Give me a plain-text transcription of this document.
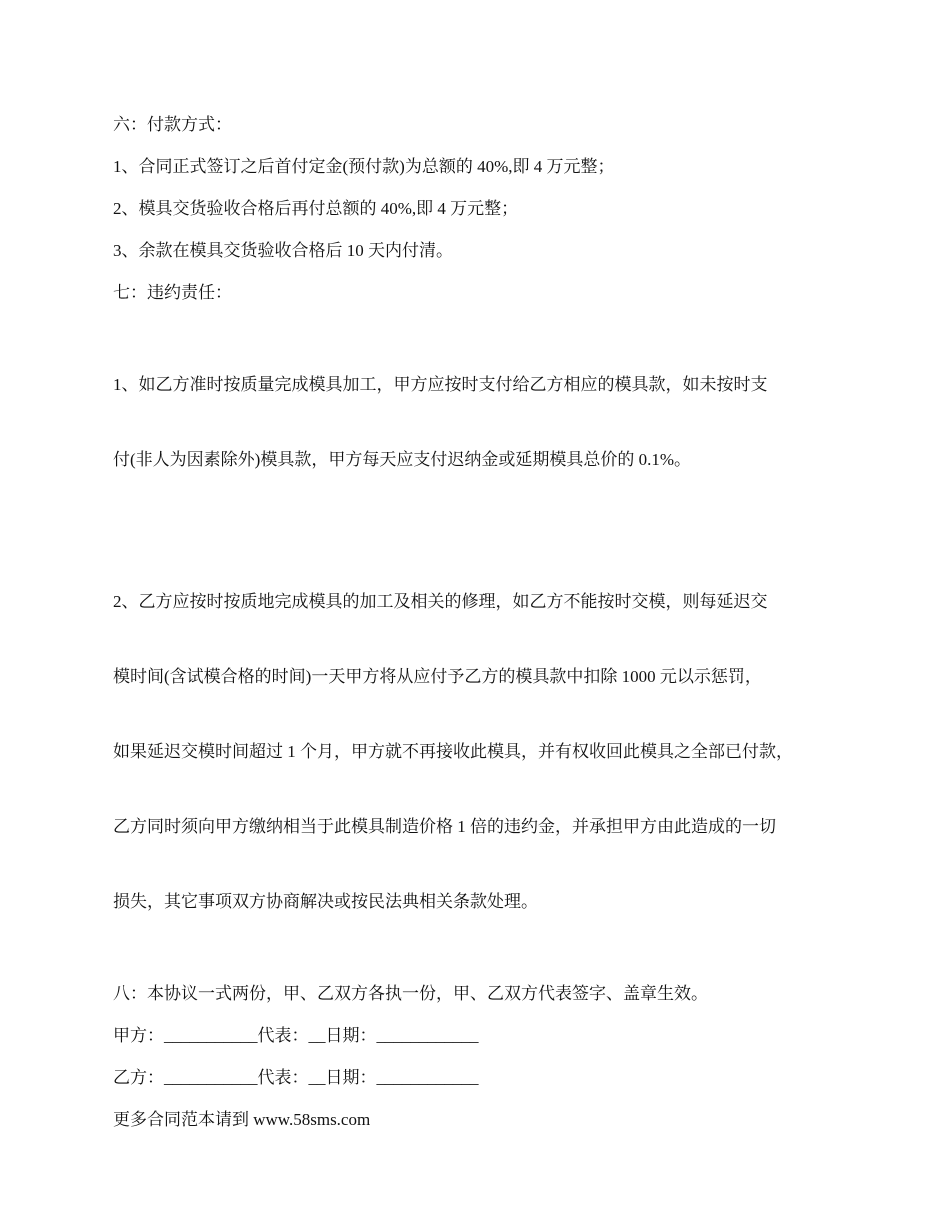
六：付款方式：

1、合同正式签订之后首付定金(预付款)为总额的 40%,即 4 万元整；

2、模具交货验收合格后再付总额的 40%,即 4 万元整；

3、余款在模具交货验收合格后 10 天内付清。

七：违约责任：

1、如乙方准时按质量完成模具加工，甲方应按时支付给乙方相应的模具款，如未按时支

付(非人为因素除外)模具款，甲方每天应支付迟纳金或延期模具总价的 0.1%。

2、乙方应按时按质地完成模具的加工及相关的修理，如乙方不能按时交模，则每延迟交

模时间(含试模合格的时间)一天甲方将从应付予乙方的模具款中扣除 1000 元以示惩罚，

如果延迟交模时间超过 1 个月，甲方就不再接收此模具，并有权收回此模具之全部已付款，

乙方同时须向甲方缴纳相当于此模具制造价格 1 倍的违约金，并承担甲方由此造成的一切

损失，其它事项双方协商解决或按民法典相关条款处理。

八：本协议一式两份，甲、乙双方各执一份，甲、乙双方代表签字、盖章生效。

甲方：___________代表：__日期：____________

乙方：___________代表：__日期：____________

更多合同范本请到 www.58sms.com
